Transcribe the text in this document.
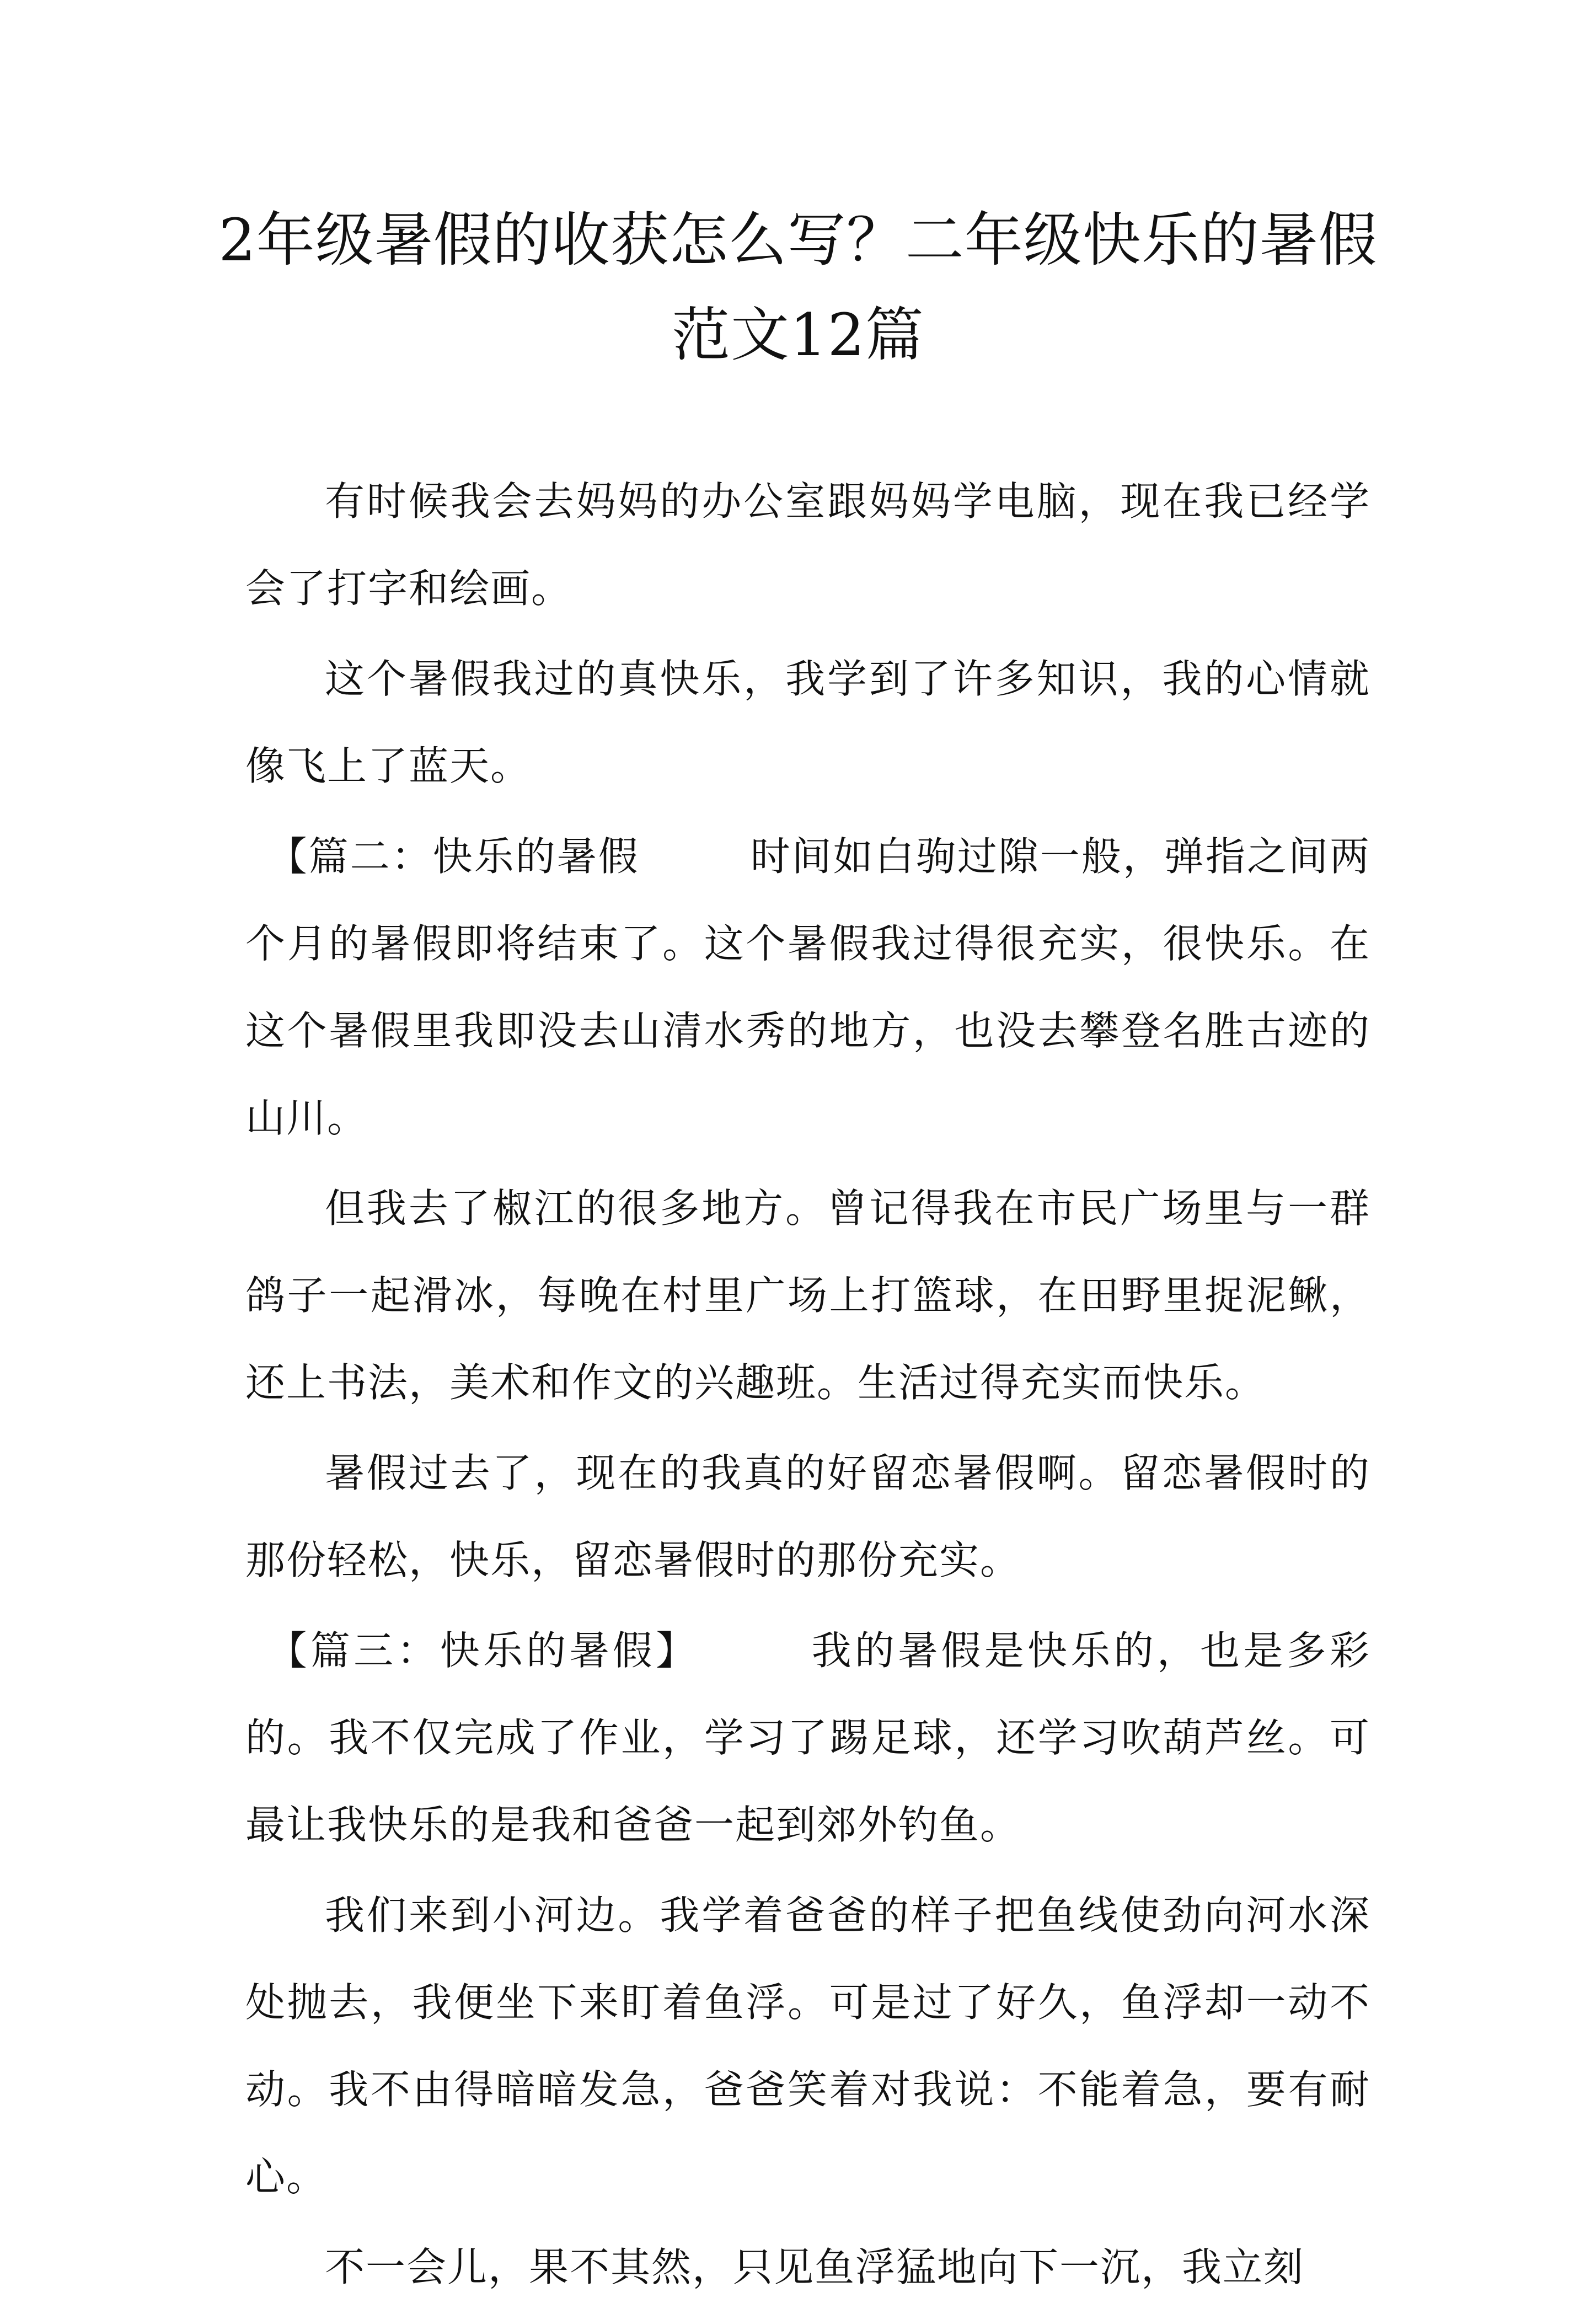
2年级暑假的收获怎么写？二年级快乐的暑假范文12篇

有时候我会去妈妈的办公室跟妈妈学电脑，现在我已经学会了打字和绘画。

这个暑假我过的真快乐，我学到了许多知识，我的心情就像飞上了蓝天。

【篇二：快乐的暑假	时间如白驹过隙一般，弹指之间两个月的暑假即将结束了。这个暑假我过得很充实，很快乐。在这个暑假里我即没去山清水秀的地方，也没去攀登名胜古迹的山川。

但我去了椒江的很多地方。曾记得我在市民广场里与一群鸽子一起滑冰，每晚在村里广场上打篮球，在田野里捉泥鳅，还上书法，美术和作文的兴趣班。生活过得充实而快乐。

暑假过去了，现在的我真的好留恋暑假啊。留恋暑假时的那份轻松，快乐，留恋暑假时的那份充实。

【篇三：快乐的暑假】	我的暑假是快乐的，也是多彩的。我不仅完成了作业，学习了踢足球，还学习吹葫芦丝。可最让我快乐的是我和爸爸一起到郊外钓鱼。

我们来到小河边。我学着爸爸的样子把鱼线使劲向河水深处抛去，我便坐下来盯着鱼浮。可是过了好久，鱼浮却一动不动。我不由得暗暗发急，爸爸笑着对我说：不能着急，要有耐心。

不一会儿，果不其然，只见鱼浮猛地向下一沉，我立刻
